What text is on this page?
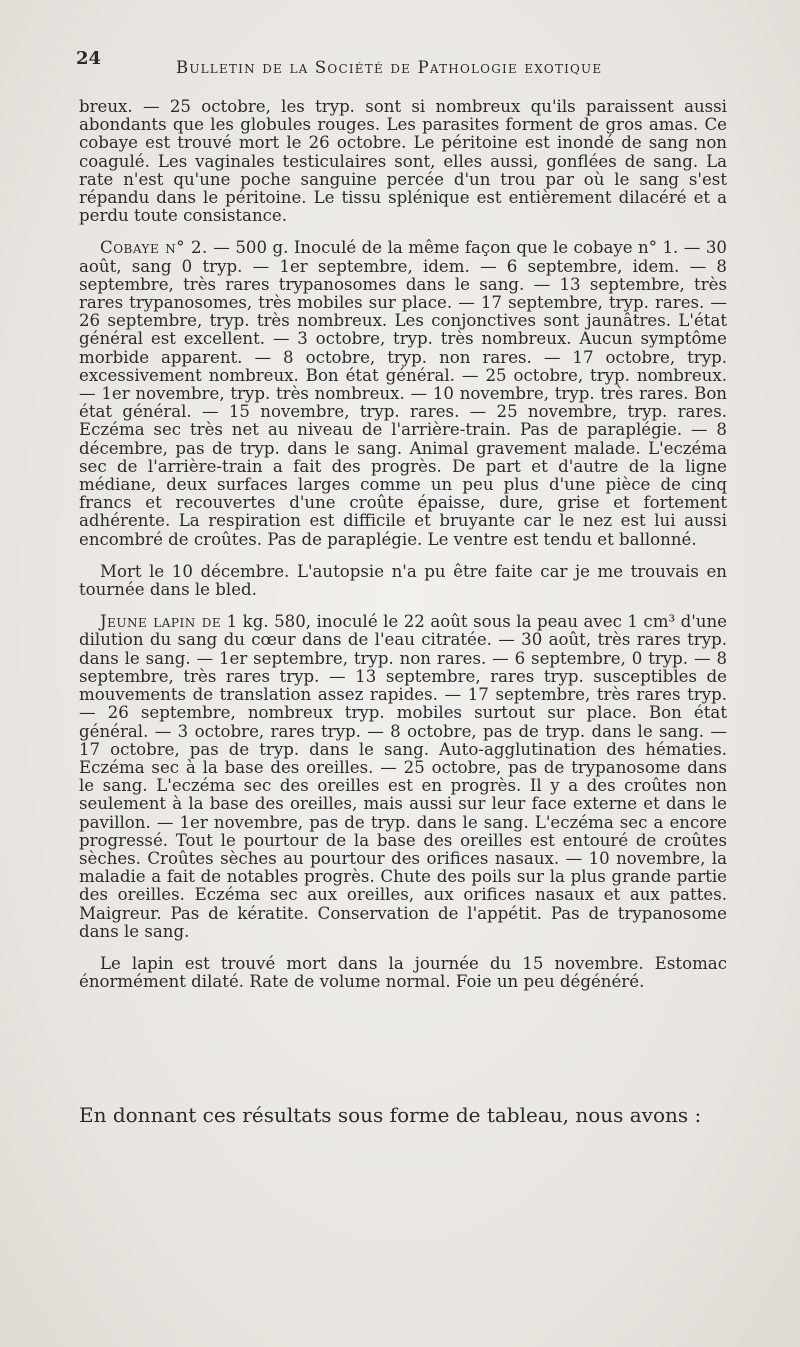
24	Bulletin de la Société de Pathologie exotique

breux. — 25 octobre, les tryp. sont si nombreux qu'ils paraissent aussi abondants que les globules rouges. Les parasites forment de gros amas. Ce cobaye est trouvé mort le 26 octobre. Le péritoine est inondé de sang non coagulé. Les vaginales testiculaires sont, elles aussi, gonflées de sang. La rate n'est qu'une poche sanguine percée d'un trou par où le sang s'est répandu dans le péritoine. Le tissu splénique est entièrement dilacéré et a perdu toute consistance.

Cobaye n° 2. — 500 g. Inoculé de la même façon que le cobaye n° 1. — 30 août, sang 0 tryp. — 1er septembre, idem. — 6 septembre, idem. — 8 septembre, très rares trypanosomes dans le sang. — 13 septembre, très rares trypanosomes, très mobiles sur place. — 17 septembre, tryp. rares. — 26 septembre, tryp. très nombreux. Les conjonctives sont jaunâtres. L'état général est excellent. — 3 octobre, tryp. très nombreux. Aucun symptôme morbide apparent. — 8 octobre, tryp. non rares. — 17 octobre, tryp. excessivement nombreux. Bon état général. — 25 octobre, tryp. nombreux. — 1er novembre, tryp. très nombreux. — 10 novembre, tryp. très rares. Bon état général. — 15 novembre, tryp. rares. — 25 novembre, tryp. rares. Eczéma sec très net au niveau de l'arrière-train. Pas de paraplégie. — 8 décembre, pas de tryp. dans le sang. Animal gravement malade. L'eczéma sec de l'arrière-train a fait des progrès. De part et d'autre de la ligne médiane, deux surfaces larges comme un peu plus d'une pièce de cinq francs et recouvertes d'une croûte épaisse, dure, grise et fortement adhérente. La respiration est difficile et bruyante car le nez est lui aussi encombré de croûtes. Pas de paraplégie. Le ventre est tendu et ballonné.

Mort le 10 décembre. L'autopsie n'a pu être faite car je me trouvais en tournée dans le bled.

Jeune lapin de 1 kg. 580, inoculé le 22 août sous la peau avec 1 cm³ d'une dilution du sang du cœur dans de l'eau citratée. — 30 août, très rares tryp. dans le sang. — 1er septembre, tryp. non rares. — 6 septembre, 0 tryp. — 8 septembre, très rares tryp. — 13 septembre, rares tryp. susceptibles de mouvements de translation assez rapides. — 17 septembre, très rares tryp. — 26 septembre, nombreux tryp. mobiles surtout sur place. Bon état général. — 3 octobre, rares tryp. — 8 octobre, pas de tryp. dans le sang. — 17 octobre, pas de tryp. dans le sang. Auto-agglutination des hématies. Eczéma sec à la base des oreilles. — 25 octobre, pas de trypanosome dans le sang. L'eczéma sec des oreilles est en progrès. Il y a des croûtes non seulement à la base des oreilles, mais aussi sur leur face externe et dans le pavillon. — 1er novembre, pas de tryp. dans le sang. L'eczéma sec a encore progressé. Tout le pourtour de la base des oreilles est entouré de croûtes sèches. Croûtes sèches au pourtour des orifices nasaux. — 10 novembre, la maladie a fait de notables progrès. Chute des poils sur la plus grande partie des oreilles. Eczéma sec aux oreilles, aux orifices nasaux et aux pattes. Maigreur. Pas de kératite. Conservation de l'appétit. Pas de trypanosome dans le sang.

Le lapin est trouvé mort dans la journée du 15 novembre. Estomac énormément dilaté. Rate de volume normal. Foie un peu dégénéré.

En donnant ces résultats sous forme de tableau, nous avons :
